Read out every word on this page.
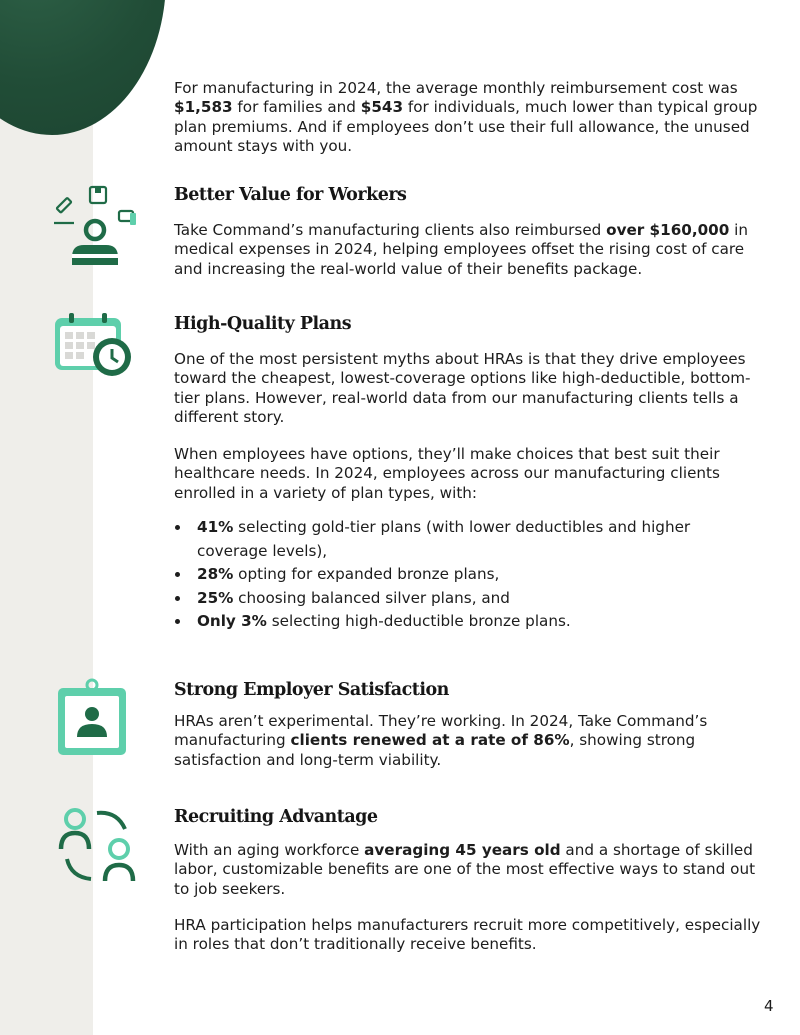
For manufacturing in 2024, the average monthly reimbursement cost was $1,583 for families and $543 for individuals, much lower than typical group plan premiums. And if employees don’t use their full allowance, the unused amount stays with you.

Better Value for Workers

Take Command’s manufacturing clients also reimbursed over $160,000 in medical expenses in 2024, helping employees offset the rising cost of care and increasing the real-world value of their benefits package.

High-Quality Plans

One of the most persistent myths about HRAs is that they drive employees toward the cheapest, lowest-coverage options like high-deductible, bottom-tier plans. However, real-world data from our manufacturing clients tells a different story.

When employees have options, they’ll make choices that best suit their healthcare needs. In 2024, employees across our manufacturing clients enrolled in a variety of plan types, with:

41% selecting gold-tier plans (with lower deductibles and higher coverage levels),
28% opting for expanded bronze plans,
25% choosing balanced silver plans, and
Only 3% selecting high-deductible bronze plans.
Strong Employer Satisfaction

HRAs aren’t experimental. They’re working. In 2024, Take Command’s manufacturing clients renewed at a rate of 86%, showing strong satisfaction and long-term viability.

Recruiting Advantage

With an aging workforce averaging 45 years old and a shortage of skilled labor, customizable benefits are one of the most effective ways to stand out to job seekers.

HRA participation helps manufacturers recruit more competitively, especially in roles that don’t traditionally receive benefits.

4
